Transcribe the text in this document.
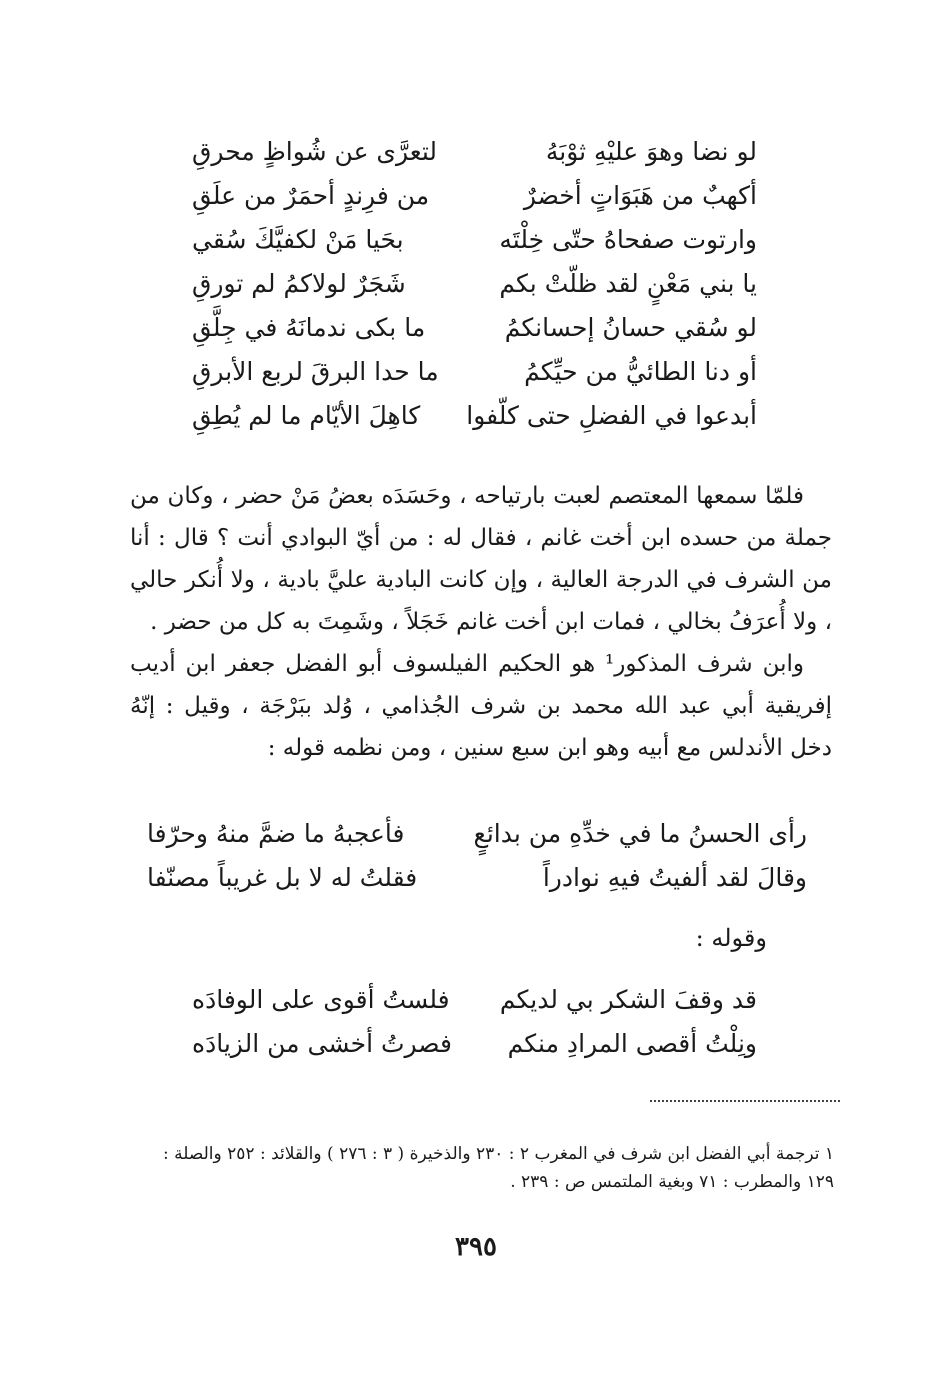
لو نضا وهوَ عليْهِ ثوْبَهُ
لتعرَّى عن شُواظٍ محرقِ
أكهبٌ من هَبَوَاتٍ أخضرٌ
من فرِندٍ أحمَرٌ من علَقِ
وارتوت صفحاهُ حتّى خِلْتَه
بحَيا مَنْ لكفيَّكَ سُقي
يا بني مَعْنٍ لقد ظلّتْ بكم
شَجَرٌ لولاكمُ لم تورقِ
لو سُقي حسانُ إحسانكمُ
ما بكى ندمانَهُ في جِلَّقِ
أو دنا الطائيُّ من حيِّكمُ
ما حدا البرقَ لربع الأبرقِ
أبدعوا في الفضلِ حتى كلّفوا
كاهِلَ الأيّام ما لم يُطِقِ

فلمّا سمعها المعتصم لعبت بارتياحه ، وحَسَدَه بعضُ مَنْ حضر ، وكان من جملة من حسده ابن أخت غانم ، فقال له : من أيّ البوادي أنت ؟ قال : أنا من الشرف في الدرجة العالية ، وإن كانت البادية عليَّ بادية ، ولا أُنكر حالي ، ولا أُعرَفُ بخالي ، فمات ابن أخت غانم خَجَلاً ، وشَمِتَ به كل من حضر .

وابن شرف المذكور¹ هو الحكيم الفيلسوف أبو الفضل جعفر ابن أديب إفريقية أبي عبد الله محمد بن شرف الجُذامي ، وُلد ببَرْجَة ، وقيل : إنّهُ دخل الأندلس مع أبيه وهو ابن سبع سنين ، ومن نظمه قوله :

رأى الحسنُ ما في خدِّهِ من بدائعٍ
فأعجبهُ ما ضمَّ منهُ وحرّفا
وقالَ لقد ألفيتُ فيهِ نوادراً
فقلتُ له لا بل غريباً مصنّفا
وقوله :
قد وقفَ الشكر بي لديكم
فلستُ أقوى على الوفادَه
ونِلْتُ أقصى المرادِ منكم
فصرتُ أخشى من الزيادَه

١ ترجمة أبي الفضل ابن شرف في المغرب ٢ : ٢٣٠ والذخيرة ( ٣ : ٢٧٦ ) والقلائد : ٢٥٢ والصلة : ١٢٩ والمطرب : ٧١ وبغية الملتمس ص : ٢٣٩ .

٣٩٥
